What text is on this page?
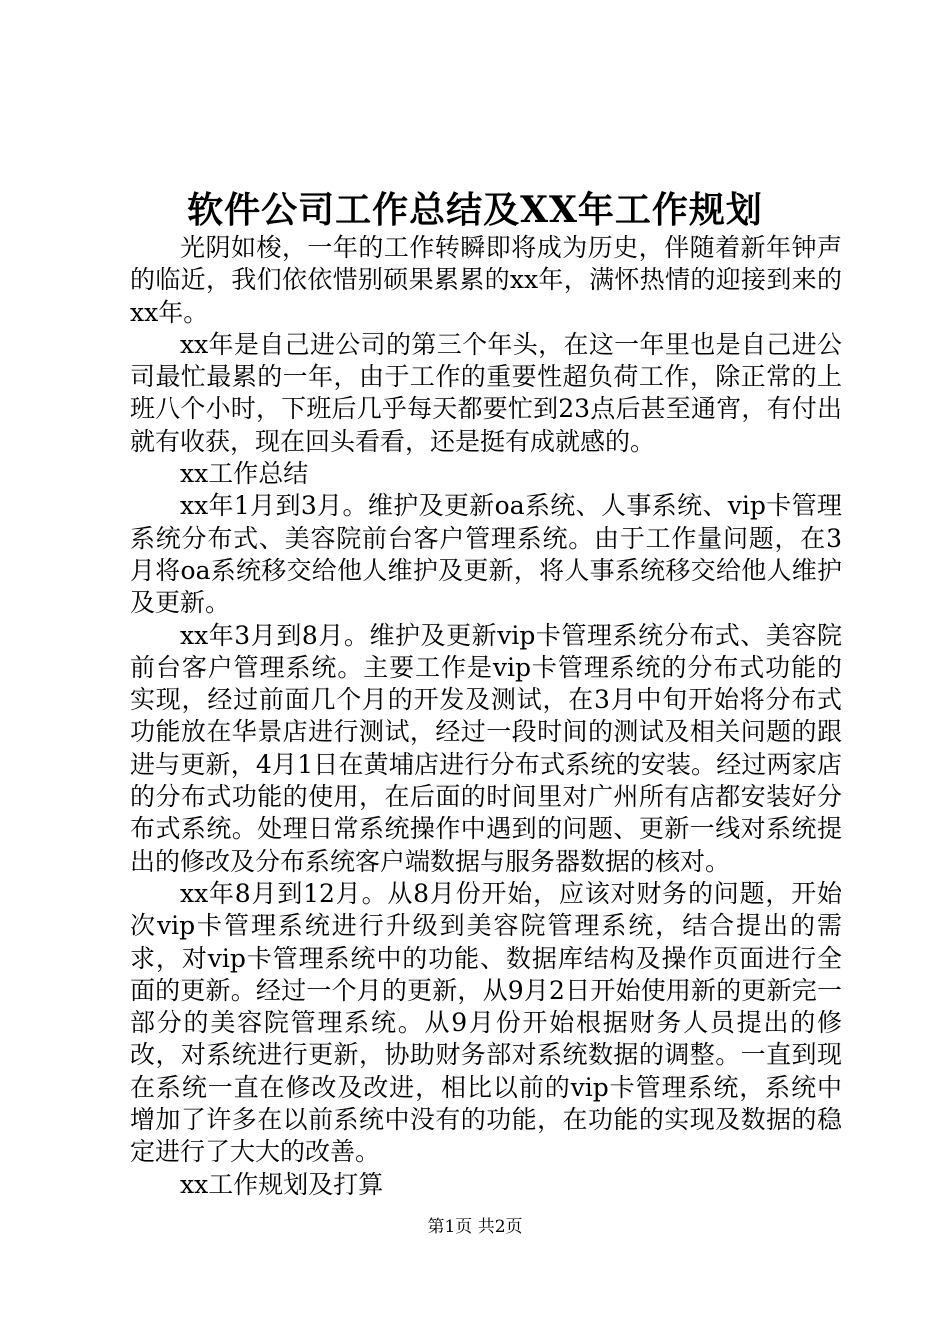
软件公司工作总结及XX年工作规划

光阴如梭，一年的工作转瞬即将成为历史，伴随着新年钟声的临近，我们依依惜别硕果累累的xx年，满怀热情的迎接到来的xx年。

xx年是自己进公司的第三个年头，在这一年里也是自己进公司最忙最累的一年，由于工作的重要性超负荷工作，除正常的上班八个小时，下班后几乎每天都要忙到23点后甚至通宵，有付出就有收获，现在回头看看，还是挺有成就感的。

xx工作总结

xx年1月到3月。维护及更新oa系统、人事系统、vip卡管理系统分布式、美容院前台客户管理系统。由于工作量问题，在3月将oa系统移交给他人维护及更新，将人事系统移交给他人维护及更新。

xx年3月到8月。维护及更新vip卡管理系统分布式、美容院前台客户管理系统。主要工作是vip卡管理系统的分布式功能的实现，经过前面几个月的开发及测试，在3月中旬开始将分布式功能放在华景店进行测试，经过一段时间的测试及相关问题的跟进与更新，4月1日在黄埔店进行分布式系统的安装。经过两家店的分布式功能的使用，在后面的时间里对广州所有店都安装好分布式系统。处理日常系统操作中遇到的问题、更新一线对系统提出的修改及分布系统客户端数据与服务器数据的核对。

xx年8月到12月。从8月份开始，应该对财务的问题，开始次vip卡管理系统进行升级到美容院管理系统，结合提出的需求，对vip卡管理系统中的功能、数据库结构及操作页面进行全面的更新。经过一个月的更新，从9月2日开始使用新的更新完一部分的美容院管理系统。从9月份开始根据财务人员提出的修改，对系统进行更新，协助财务部对系统数据的调整。一直到现在系统一直在修改及改进，相比以前的vip卡管理系统，系统中增加了许多在以前系统中没有的功能，在功能的实现及数据的稳定进行了大大的改善。

xx工作规划及打算

第1页 共2页
